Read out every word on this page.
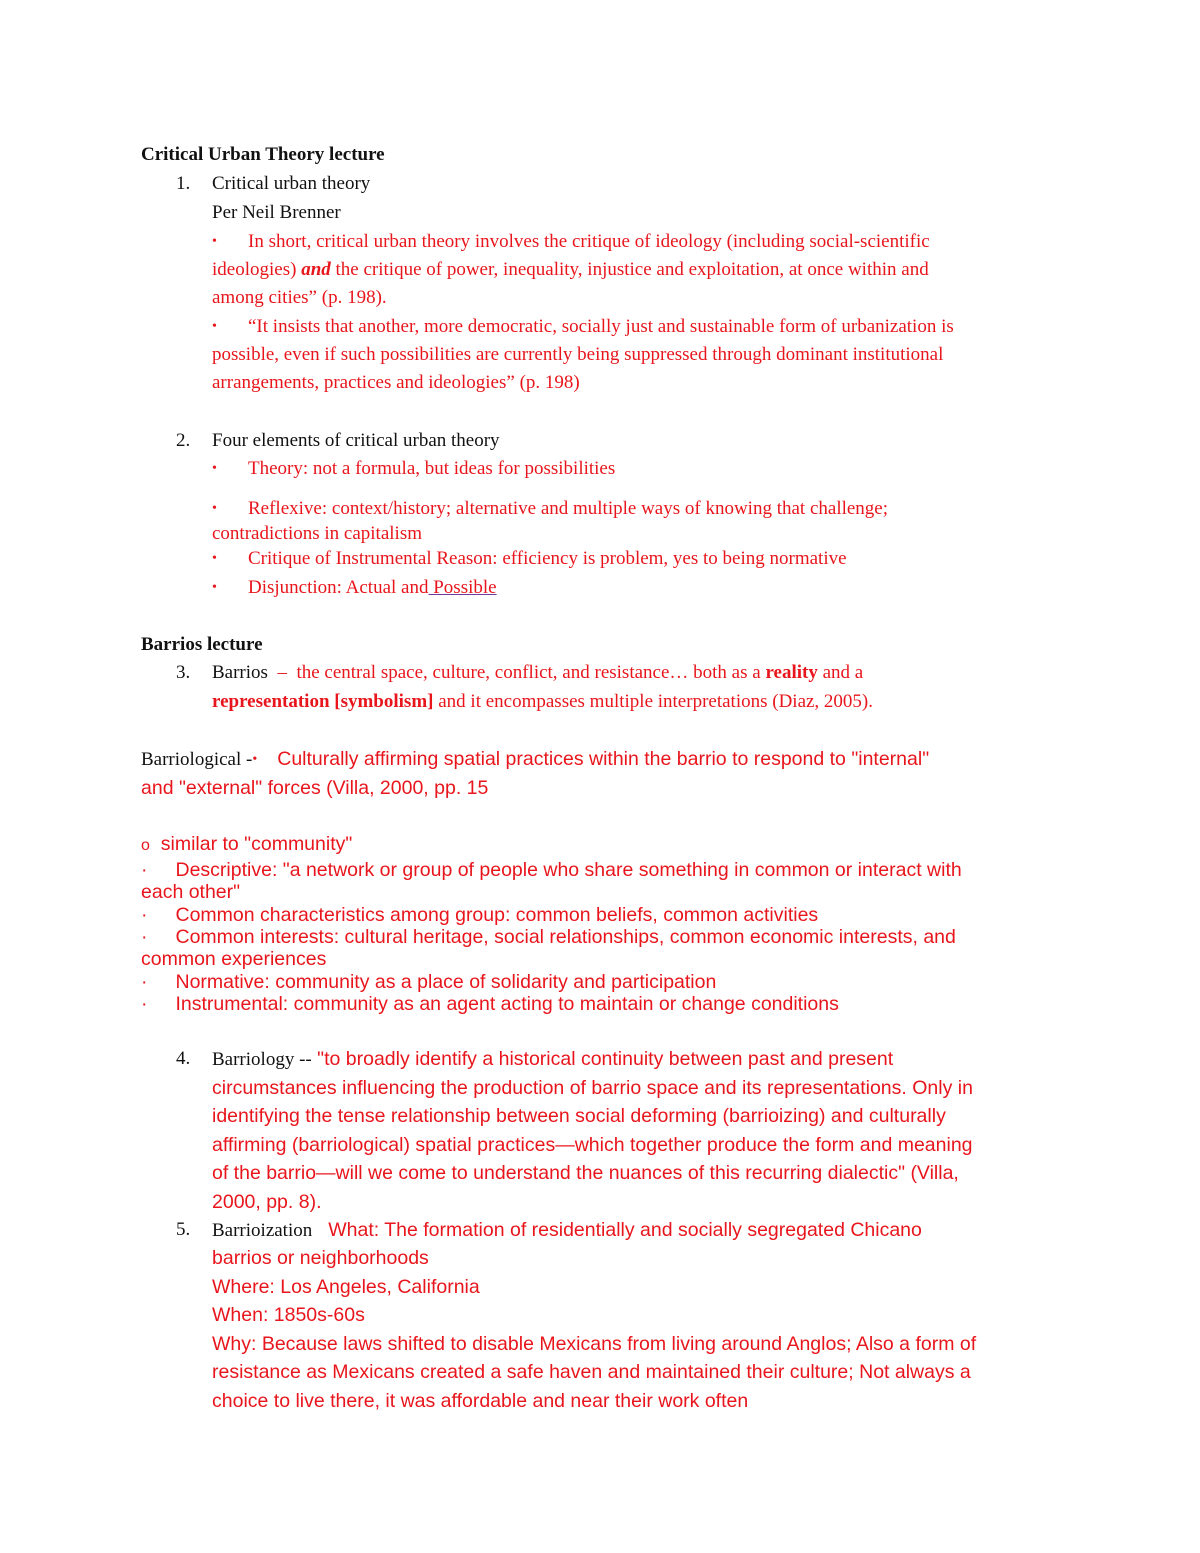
Critical Urban Theory lecture
1. Critical urban theory
Per Neil Brenner
• In short, critical urban theory involves the critique of ideology (including social-scientific
ideologies) and the critique of power, inequality, injustice and exploitation, at once within and
among cities” (p. 198).
• “It insists that another, more democratic, socially just and sustainable form of urbanization is
possible, even if such possibilities are currently being suppressed through dominant institutional
arrangements, practices and ideologies” (p. 198)
2. Four elements of critical urban theory
• Theory: not a formula, but ideas for possibilities
• Reflexive: context/history; alternative and multiple ways of knowing that challenge;
contradictions in capitalism
• Critique of Instrumental Reason: efficiency is problem, yes to being normative
• Disjunction: Actual and Possible
Barrios lecture
3. Barrios – the central space, culture, conflict, and resistance… both as a reality and a
representation [symbolism] and it encompasses multiple interpretations (Diaz, 2005).
Barriological -• Culturally affirming spatial practices within the barrio to respond to "internal"
and "external" forces (Villa, 2000, pp. 15
o similar to "community"
· Descriptive: "a network or group of people who share something in common or interact with
each other"
· Common characteristics among group: common beliefs, common activities
· Common interests: cultural heritage, social relationships, common economic interests, and
common experiences
· Normative: community as a place of solidarity and participation
· Instrumental: community as an agent acting to maintain or change conditions
4. Barriology -- "to broadly identify a historical continuity between past and present
circumstances influencing the production of barrio space and its representations. Only in
identifying the tense relationship between social deforming (barrioizing) and culturally
affirming (barriological) spatial practices—which together produce the form and meaning
of the barrio—will we come to understand the nuances of this recurring dialectic" (Villa,
2000, pp. 8).
5. Barrioization What: The formation of residentially and socially segregated Chicano
barrios or neighborhoods
Where: Los Angeles, California
When: 1850s-60s
Why: Because laws shifted to disable Mexicans from living around Anglos; Also a form of
resistance as Mexicans created a safe haven and maintained their culture; Not always a
choice to live there, it was affordable and near their work often
